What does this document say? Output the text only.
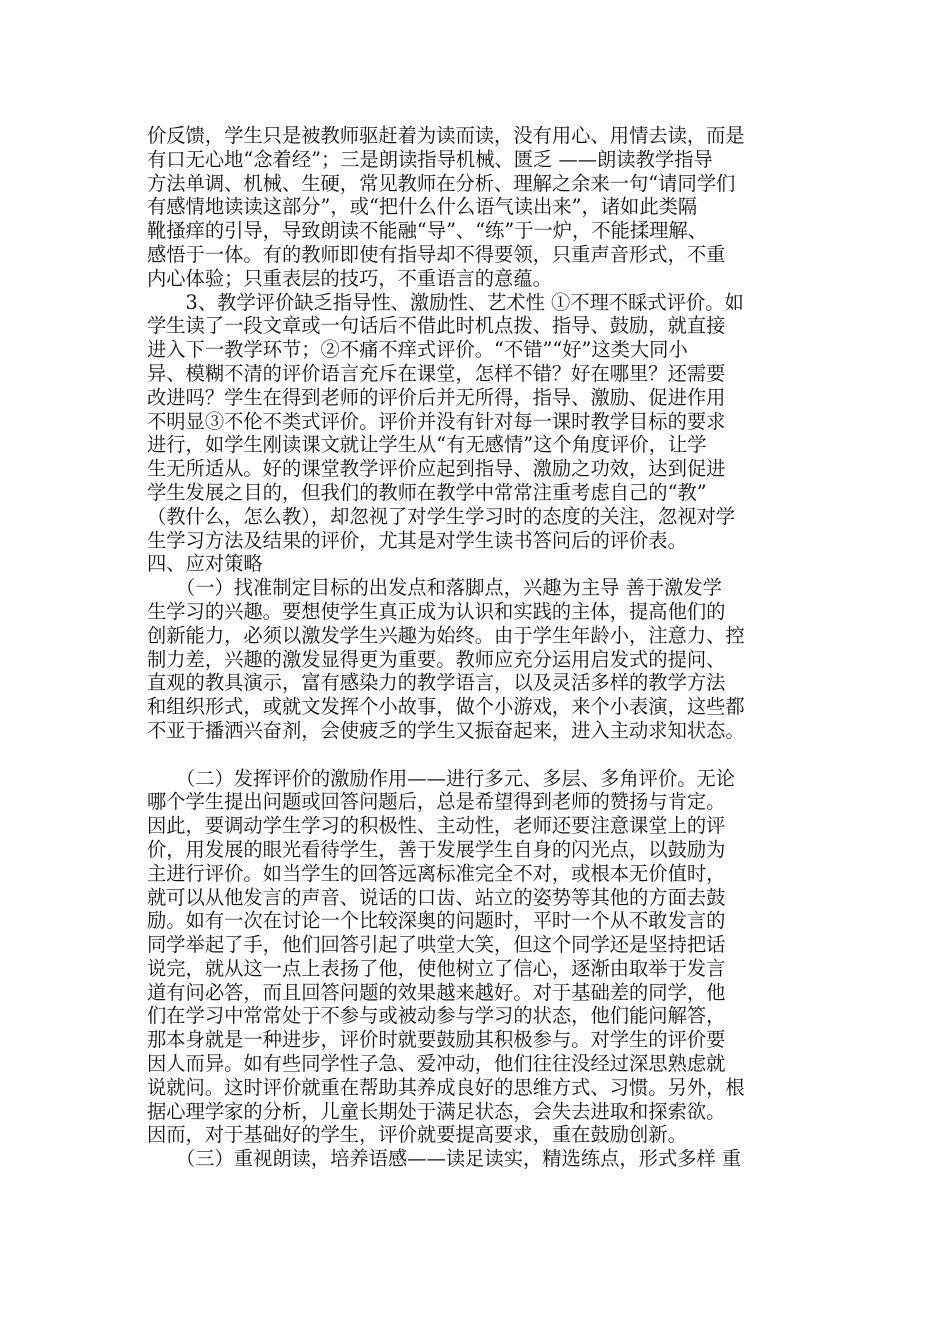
价反馈，学生只是被教师驱赶着为读而读，没有用心、用情去读，而是
有口无心地“念着经”；三是朗读指导机械、匮乏 ——朗读教学指导
方法单调、机械、生硬，常见教师在分析、理解之余来一句“请同学们
有感情地读读这部分”，或“把什么什么语气读出来”，诸如此类隔
靴搔痒的引导，导致朗读不能融“导”、“练”于一炉，不能揉理解、
感悟于一体。有的教师即使有指导却不得要领，只重声音形式，不重
内心体验；只重表层的技巧，不重语言的意蕴。
　　3、教学评价缺乏指导性、激励性、艺术性 ①不理不睬式评价。如
学生读了一段文章或一句话后不借此时机点拨、指导、鼓励，就直接
进入下一教学环节；②不痛不痒式评价。“不错”“好”这类大同小
异、模糊不清的评价语言充斥在课堂，怎样不错？好在哪里？还需要
改进吗？学生在得到老师的评价后并无所得，指导、激励、促进作用
不明显③不伦不类式评价。评价并没有针对每一课时教学目标的要求
进行，如学生刚读课文就让学生从“有无感情”这个角度评价，让学
生无所适从。好的课堂教学评价应起到指导、激励之功效，达到促进
学生发展之目的，但我们的教师在教学中常常注重考虑自己的“教”
（教什么，怎么教），却忽视了对学生学习时的态度的关注，忽视对学
生学习方法及结果的评价，尤其是对学生读书答问后的评价表。
四、应对策略
　　（一）找准制定目标的出发点和落脚点，兴趣为主导 善于激发学
生学习的兴趣。要想使学生真正成为认识和实践的主体，提高他们的
创新能力，必须以激发学生兴趣为始终。由于学生年龄小，注意力、控
制力差，兴趣的激发显得更为重要。教师应充分运用启发式的提问、
直观的教具演示，富有感染力的教学语言，以及灵活多样的教学方法
和组织形式，或就文发挥个小故事，做个小游戏，来个小表演，这些都
不亚于播洒兴奋剂，会使疲乏的学生又振奋起来，进入主动求知状态。
　　（二）发挥评价的激励作用——进行多元、多层、多角评价。无论
哪个学生提出问题或回答问题后，总是希望得到老师的赞扬与肯定。
因此，要调动学生学习的积极性、主动性，老师还要注意课堂上的评
价，用发展的眼光看待学生，善于发展学生自身的闪光点，以鼓励为
主进行评价。如当学生的回答远离标准完全不对，或根本无价值时，
就可以从他发言的声音、说话的口齿、站立的姿势等其他的方面去鼓
励。如有一次在讨论一个比较深奥的问题时，平时一个从不敢发言的
同学举起了手，他们回答引起了哄堂大笑，但这个同学还是坚持把话
说完，就从这一点上表扬了他，使他树立了信心，逐渐由取举于发言
道有问必答，而且回答问题的效果越来越好。对于基础差的同学，他
们在学习中常常处于不参与或被动参与学习的状态，他们能问解答，
那本身就是一种进步，评价时就要鼓励其积极参与。对学生的评价要
因人而异。如有些同学性子急、爱冲动，他们往往没经过深思熟虑就
说就问。这时评价就重在帮助其养成良好的思维方式、习惯。另外，根
据心理学家的分析，儿童长期处于满足状态，会失去进取和探索欲。
因而，对于基础好的学生，评价就要提高要求，重在鼓励创新。
　　（三）重视朗读，培养语感——读足读实，精选练点，形式多样 重
